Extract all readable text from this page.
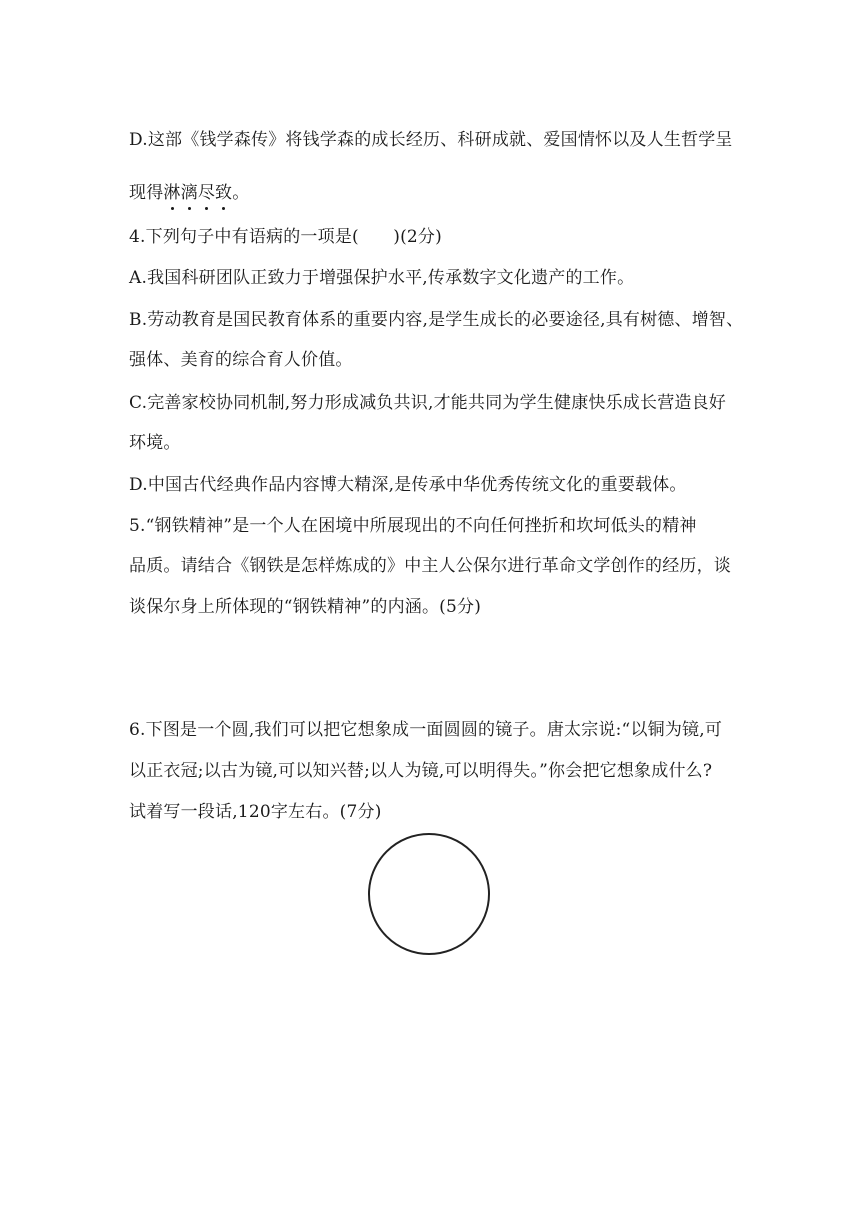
D.这部《钱学森传》将钱学森的成长经历、科研成就、爱国情怀以及人生哲学呈
现得淋漓尽致。
4.下列句子中有语病的一项是(　　)(2分)
A.我国科研团队正致力于增强保护水平,传承数字文化遗产的工作。
B.劳动教育是国民教育体系的重要内容,是学生成长的必要途径,具有树德、增智、
强体、美育的综合育人价值。
C.完善家校协同机制,努力形成减负共识,才能共同为学生健康快乐成长营造良好
环境。
D.中国古代经典作品内容博大精深,是传承中华优秀传统文化的重要载体。
5.“钢铁精神”是一个人在困境中所展现出的不向任何挫折和坎坷低头的精神
品质。请结合《钢铁是怎样炼成的》中主人公保尔进行革命文学创作的经历，谈
谈保尔身上所体现的“钢铁精神”的内涵。(5分)
6.下图是一个圆,我们可以把它想象成一面圆圆的镜子。唐太宗说:“以铜为镜,可
以正衣冠;以古为镜,可以知兴替;以人为镜,可以明得失。”你会把它想象成什么?
试着写一段话,120字左右。(7分)
